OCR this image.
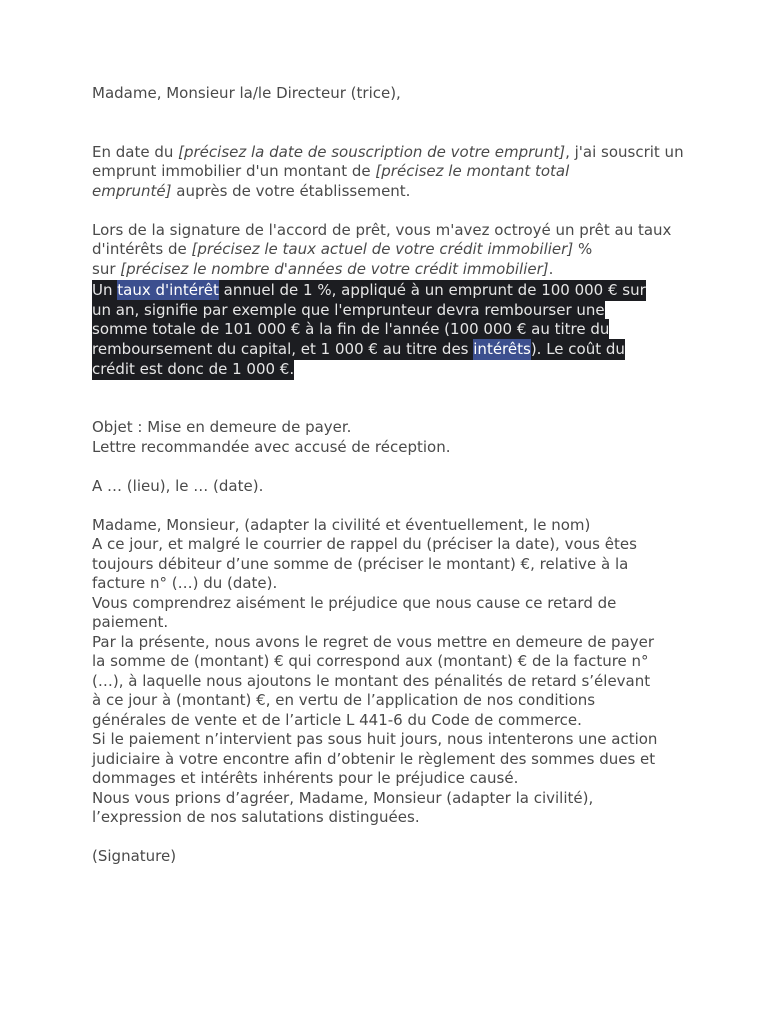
Madame, Monsieur la/le Directeur (trice),
En date du [précisez la date de souscription de votre emprunt], j'ai souscrit un
emprunt immobilier d'un montant de [précisez le montant total
emprunté] auprès de votre établissement.
Lors de la signature de l'accord de prêt, vous m'avez octroyé un prêt au taux
d'intérêts de [précisez le taux actuel de votre crédit immobilier] %
sur [précisez le nombre d'années de votre crédit immobilier].
Un taux d'intérêt annuel de 1 %, appliqué à un emprunt de 100 000 € sur
un an, signifie par exemple que l'emprunteur devra rembourser une
somme totale de 101 000 € à la fin de l'année (100 000 € au titre du
remboursement du capital, et 1 000 € au titre des intérêts). Le coût du
crédit est donc de 1 000 €.
Objet : Mise en demeure de payer.
Lettre recommandée avec accusé de réception.
A … (lieu), le … (date).
Madame, Monsieur, (adapter la civilité et éventuellement, le nom)
A ce jour, et malgré le courrier de rappel du (préciser la date), vous êtes
toujours débiteur d’une somme de (préciser le montant) €, relative à la
facture n° (…) du (date).
Vous comprendrez aisément le préjudice que nous cause ce retard de
paiement.
Par la présente, nous avons le regret de vous mettre en demeure de payer
la somme de (montant) € qui correspond aux (montant) € de la facture n°
(…), à laquelle nous ajoutons le montant des pénalités de retard s’élevant
à ce jour à (montant) €, en vertu de l’application de nos conditions
générales de vente et de l’article L 441-6 du Code de commerce.
Si le paiement n’intervient pas sous huit jours, nous intenterons une action
judiciaire à votre encontre afin d’obtenir le règlement des sommes dues et
dommages et intérêts inhérents pour le préjudice causé.
Nous vous prions d’agréer, Madame, Monsieur (adapter la civilité),
l’expression de nos salutations distinguées.
(Signature)
